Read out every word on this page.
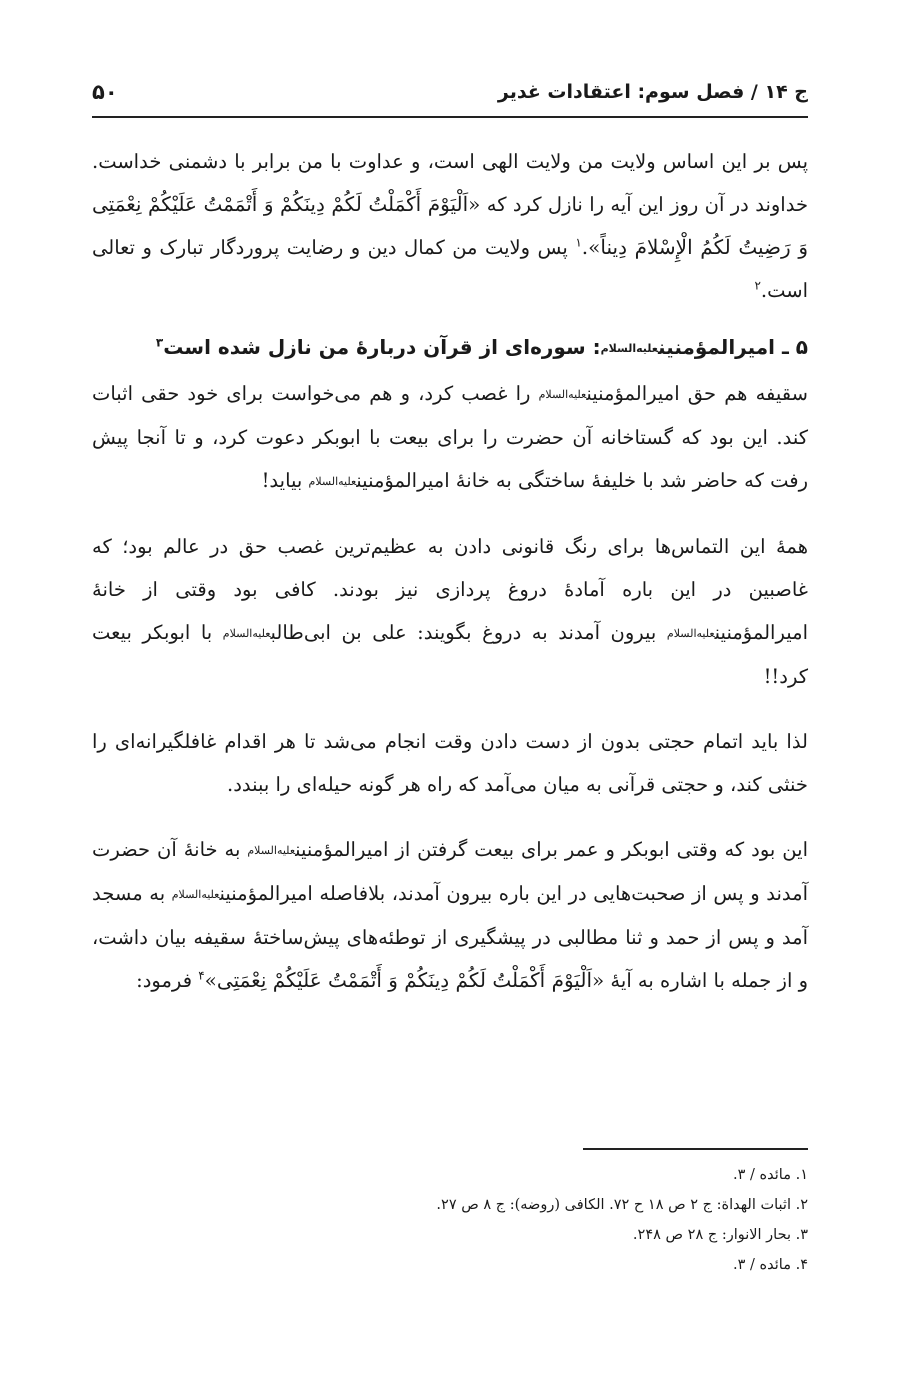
ج ۱۴ / فصل سوم: اعتقادات غدیر
۵۰

پس بر این اساس ولایت من ولایت الهی است، و عداوت با من برابر با دشمنی خداست. خداوند در آن روز این آیه را نازل کرد که «اَلْیَوْمَ أَکْمَلْتُ لَکُمْ دِینَکُمْ وَ أَتْمَمْتُ عَلَیْکُمْ نِعْمَتِی وَ رَضِیتُ لَکُمُ الْإِسْلامَ دِیناً».$^۱$ پس ولایت من کمال دین و رضایت پروردگار تبارک و تعالی است.$^۲$

۵ ـ امیرالمؤمنینعلیه‌السلام: سوره‌ای از قرآن دربارهٔ من نازل شده است$^۳$

سقیفه هم حق امیرالمؤمنینعلیه‌السلام را غصب کرد، و هم می‌خواست برای خود حقی اثبات کند. این بود که گستاخانه آن حضرت را برای بیعت با ابوبکر دعوت کرد، و تا آنجا پیش رفت که حاضر شد با خلیفهٔ ساختگی به خانهٔ امیرالمؤمنینعلیه‌السلام بیاید!

همهٔ این التماس‌ها برای رنگ قانونی دادن به عظیم‌ترین غصب حق در عالم بود؛ که غاصبین در این باره آمادهٔ دروغ پردازی نیز بودند. کافی بود وقتی از خانهٔ امیرالمؤمنینعلیه‌السلام بیرون آمدند به دروغ بگویند: علی بن ابی‌طالبعلیه‌السلام با ابوبکر بیعت کرد!!

لذا باید اتمام حجتی بدون از دست دادن وقت انجام می‌شد تا هر اقدام غافلگیرانه‌ای را خنثی کند، و حجتی قرآنی به میان می‌آمد که راه هر گونه حیله‌ای را ببندد.

این بود که وقتی ابوبکر و عمر برای بیعت گرفتن از امیرالمؤمنینعلیه‌السلام به خانهٔ آن حضرت آمدند و پس از صحبت‌هایی در این باره بیرون آمدند، بلافاصله امیرالمؤمنینعلیه‌السلام به مسجد آمد و پس از حمد و ثنا مطالبی در پیشگیری از توطئه‌های پیش‌ساختهٔ سقیفه بیان داشت، و از جمله با اشاره به آیهٔ «اَلْیَوْمَ أَکْمَلْتُ لَکُمْ دِینَکُمْ وَ أَتْمَمْتُ عَلَیْکُمْ نِعْمَتِی»$^۴$ فرمود:

۱. مائده / ۳.
۲. اثبات الهداة: ج ۲ ص ۱۸ ح ۷۲. الکافی (روضه): ج ۸ ص ۲۷.
۳. بحار الانوار: ج ۲۸ ص ۲۴۸.
۴. مائده / ۳.
